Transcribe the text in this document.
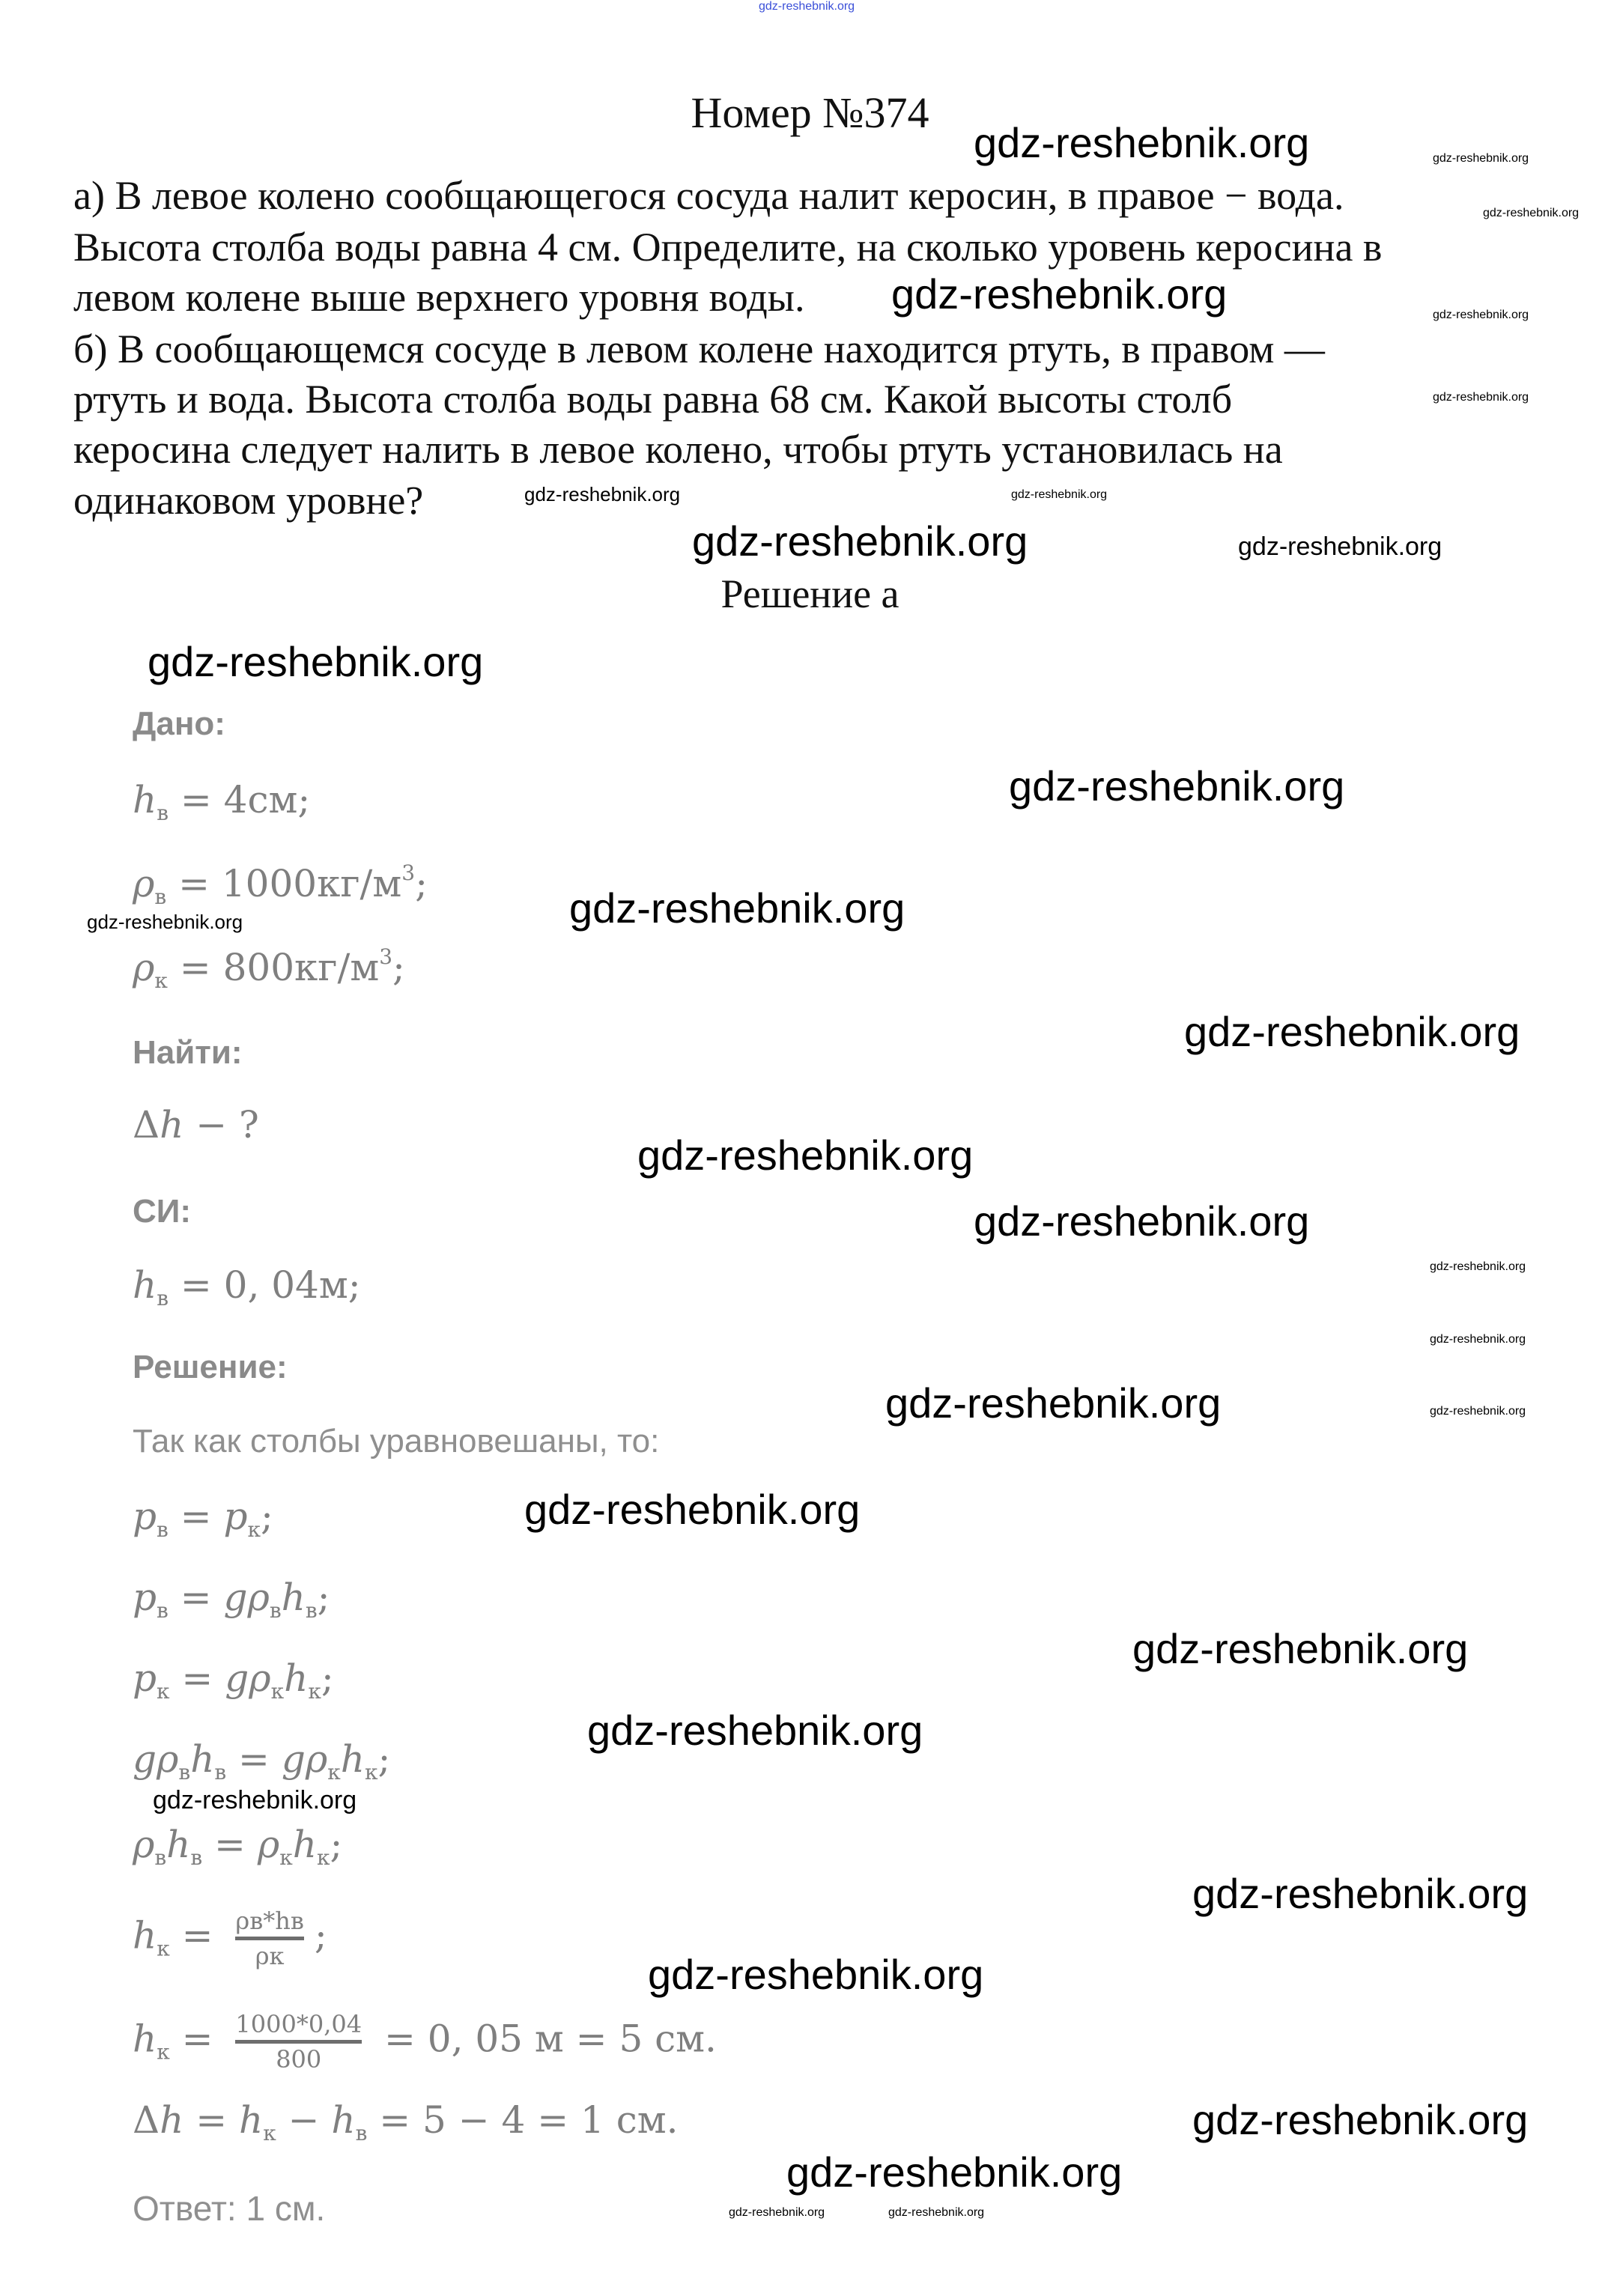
gdz-reshebnik.org
Номер №374
а) В левое колено сообщающегося сосуда налит керосин, в правое − вода.
Высота столба воды равна 4 см. Определите, на сколько уровень керосина в
левом колене выше верхнего уровня воды.
б) В сообщающемся сосуде в левом колене находится ртуть, в правом —
ртуть и вода. Высота столба воды равна 68 см. Какой высоты столб
керосина следует налить в левое колено, чтобы ртуть установилась на
одинаковом уровне?
Решение а
Дано:
$h_в = 4см$;
$\rho_в = 1000кг/м^3$;
$\rho_к = 800кг/м^3$;
Найти:
Δh − ?
СИ:
$h_в = 0$, 04м;
Решение:
Так как столбы уравновешаны, то:
$p_в = p_к$;
$p_в = g\rho_вh_в$;
$p_к = g\rho_кh_к$;
$g\rho_вh_в = g\rho_кh_к$;
$\rho_вh_в = \rho_кh_к$;
$h_к = \rho в*hв$
ρк ;
$h_к = 1000*0,04$
800	= 0, 05 м = 5 см.
$\Delta h = h_к - h_в = 5 - 4 = 1$ см.
Ответ: 1 см.
gdz-reshebnik.org
gdz-reshebnik.org
gdz-reshebnik.org	gdz-reshebnik.org
gdz-reshebnik.org
gdz-reshebnik.org
gdz-reshebnik.org
gdz-reshebnik.org
gdz-reshebnik.org
gdz-reshebnik.org
gdz-reshebnik.org
gdz-reshebnik.org
gdz-reshebnik.org
gdz-reshebnik.org
gdz-reshebnik.org
gdz-reshebnik.org
gdz-reshebnik.org
gdz-reshebnik.org
gdz-reshebnik.org
gdz-reshebnik.org
gdz-reshebnik.org	gdz-reshebnik.org
gdz-reshebnik.org
gdz-reshebnik.org
gdz-reshebnik.org
gdz-reshebnik.org
gdz-reshebnik.org
gdz-reshebnik.org
gdz-reshebnik.org
gdz-reshebnik.org	gdz-reshebnik.org
